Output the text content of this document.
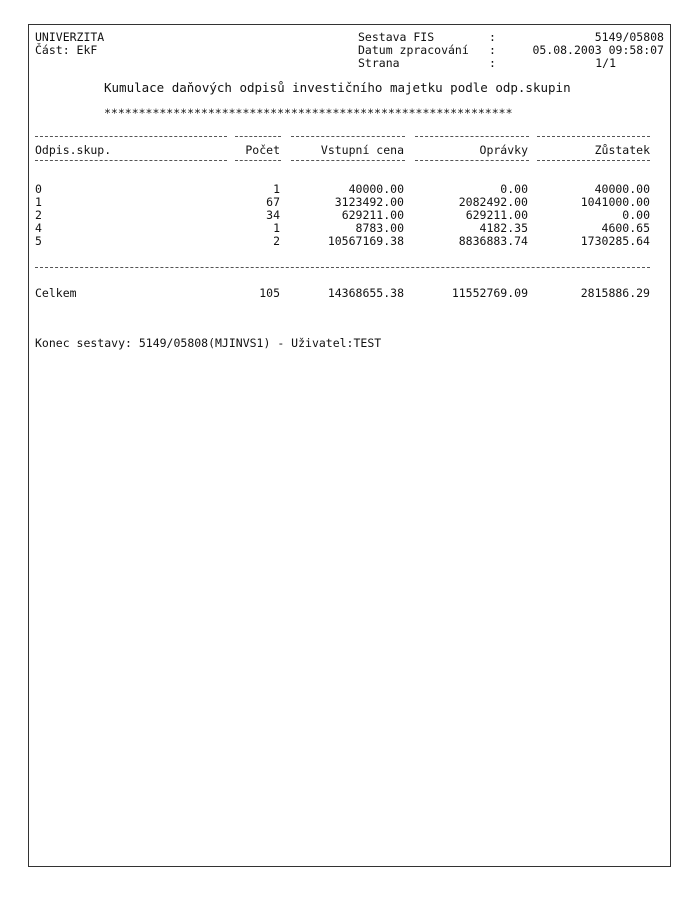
UNIVERZITA
Část: EkF
Sestava FIS	:	5149/05808
Datum zpracování :	05.08.2003 09:58:07
Strana	:	1/1
Kumulace daňových odpisů investičního majetku podle odp.skupin
***********************************************************
Odpis.skup.	Počet	Vstupní cena	Oprávky	Zůstatek
0	1	40000.00	0.00	40000.00
1	67	3123492.00	2082492.00	1041000.00
2	34	629211.00	629211.00	0.00
4	1	8783.00	4182.35	4600.65
5	2	10567169.38	8836883.74	1730285.64
Celkem	105	14368655.38	11552769.09	2815886.29
Konec sestavy: 5149/05808(MJINVS1) - Uživatel:TEST
